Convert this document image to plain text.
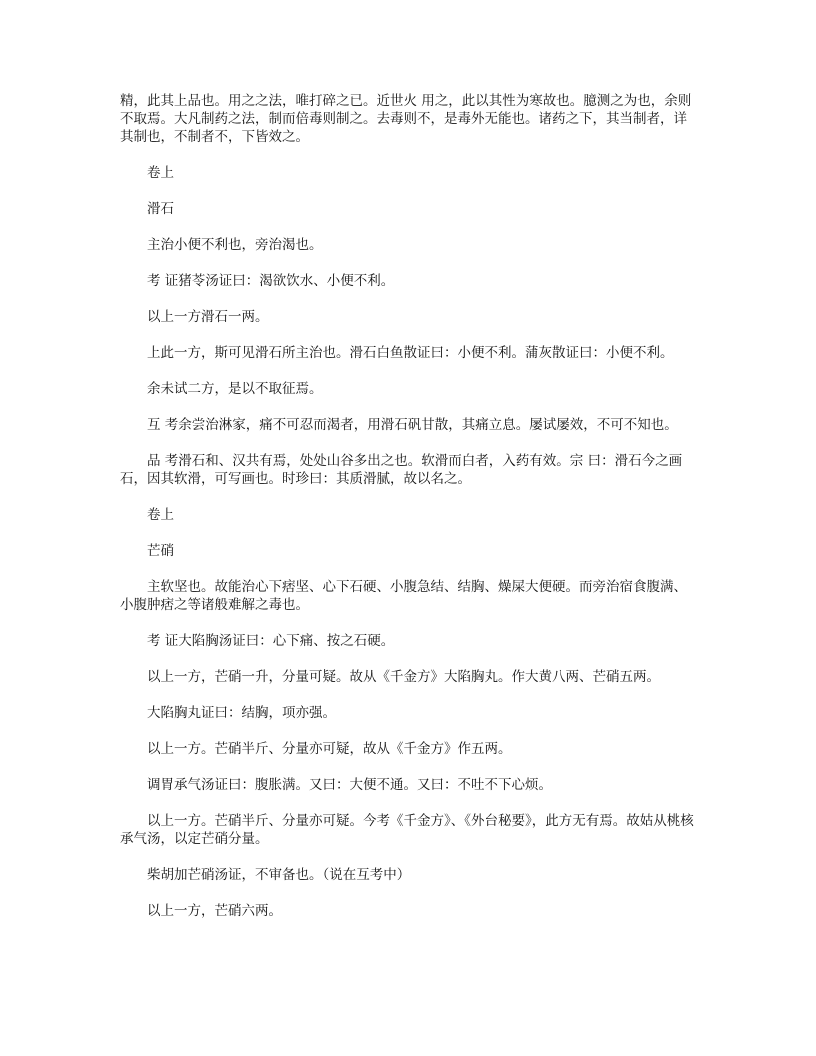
精，此其上品也。用之之法，唯打碎之已。近世火 用之，此以其性为寒故也。臆测之为也，余则不取焉。大凡制药之法，制而倍毒则制之。去毒则不，是毒外无能也。诸药之下，其当制者，详其制也，不制者不，下皆效之。

卷上

滑石

主治小便不利也，旁治渴也。

考 证猪苓汤证曰：渴欲饮水、小便不利。

以上一方滑石一两。

上此一方，斯可见滑石所主治也。滑石白鱼散证曰：小便不利。蒲灰散证曰：小便不利。

余未试二方，是以不取征焉。

互 考余尝治淋家，痛不可忍而渴者，用滑石矾甘散，其痛立息。屡试屡效，不可不知也。

品 考滑石和、汉共有焉，处处山谷多出之也。软滑而白者，入药有效。宗 曰：滑石今之画石，因其软滑，可写画也。时珍曰：其质滑腻，故以名之。

卷上

芒硝

主软坚也。故能治心下痞坚、心下石硬、小腹急结、结胸、燥屎大便硬。而旁治宿食腹满、小腹肿痞之等诸般难解之毒也。

考 证大陷胸汤证曰：心下痛、按之石硬。

以上一方，芒硝一升，分量可疑。故从《千金方》大陷胸丸。作大黄八两、芒硝五两。

大陷胸丸证曰：结胸，项亦强。

以上一方。芒硝半斤、分量亦可疑，故从《千金方》作五两。

调胃承气汤证曰：腹胀满。又曰：大便不通。又曰：不吐不下心烦。

以上一方。芒硝半斤、分量亦可疑。今考《千金方》、《外台秘要》，此方无有焉。故姑从桃核承气汤，以定芒硝分量。

柴胡加芒硝汤证，不审备也。（说在互考中）

以上一方，芒硝六两。
